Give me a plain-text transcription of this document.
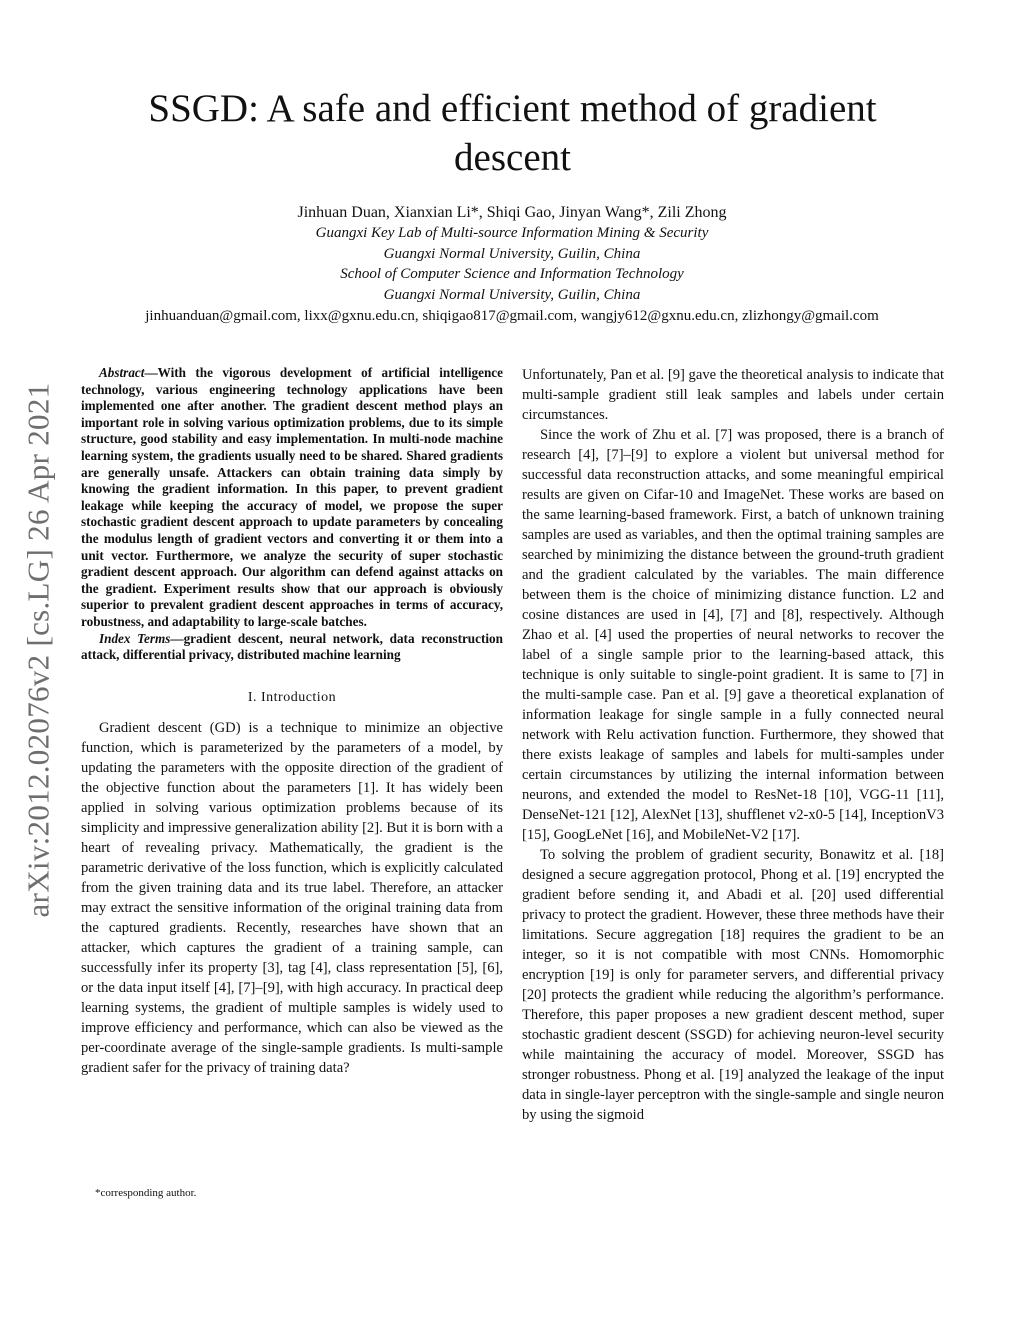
arXiv:2012.02076v2 [cs.LG] 26 Apr 2021
SSGD: A safe and efficient method of gradient descent
Jinhuan Duan, Xianxian Li*, Shiqi Gao, Jinyan Wang*, Zili Zhong
Guangxi Key Lab of Multi-source Information Mining & Security
Guangxi Normal University, Guilin, China
School of Computer Science and Information Technology
Guangxi Normal University, Guilin, China
jinhuanduan@gmail.com, lixx@gxnu.edu.cn, shiqigao817@gmail.com, wangjy612@gxnu.edu.cn, zlizhongy@gmail.com

Abstract—With the vigorous development of artificial intelligence technology, various engineering technology applications have been implemented one after another. The gradient descent method plays an important role in solving various optimization problems, due to its simple structure, good stability and easy implementation. In multi-node machine learning system, the gradients usually need to be shared. Shared gradients are generally unsafe. Attackers can obtain training data simply by knowing the gradient information. In this paper, to prevent gradient leakage while keeping the accuracy of model, we propose the super stochastic gradient descent approach to update parameters by concealing the modulus length of gradient vectors and converting it or them into a unit vector. Furthermore, we analyze the security of super stochastic gradient descent approach. Our algorithm can defend against attacks on the gradient. Experiment results show that our approach is obviously superior to prevalent gradient descent approaches in terms of accuracy, robustness, and adaptability to large-scale batches.

Index Terms—gradient descent, neural network, data reconstruction attack, differential privacy, distributed machine learning

I. Introduction

Gradient descent (GD) is a technique to minimize an objective function, which is parameterized by the parameters of a model, by updating the parameters with the opposite direction of the gradient of the objective function about the parameters [1]. It has widely been applied in solving various optimization problems because of its simplicity and impressive generalization ability [2]. But it is born with a heart of revealing privacy. Mathematically, the gradient is the parametric derivative of the loss function, which is explicitly calculated from the given training data and its true label. Therefore, an attacker may extract the sensitive information of the original training data from the captured gradients. Recently, researches have shown that an attacker, which captures the gradient of a training sample, can successfully infer its property [3], tag [4], class representation [5], [6], or the data input itself [4], [7]–[9], with high accuracy. In practical deep learning systems, the gradient of multiple samples is widely used to improve efficiency and performance, which can also be viewed as the per-coordinate average of the single-sample gradients. Is multi-sample gradient safer for the privacy of training data?

Unfortunately, Pan et al. [9] gave the theoretical analysis to indicate that multi-sample gradient still leak samples and labels under certain circumstances.

Since the work of Zhu et al. [7] was proposed, there is a branch of research [4], [7]–[9] to explore a violent but universal method for successful data reconstruction attacks, and some meaningful empirical results are given on Cifar-10 and ImageNet. These works are based on the same learning-based framework. First, a batch of unknown training samples are used as variables, and then the optimal training samples are searched by minimizing the distance between the ground-truth gradient and the gradient calculated by the variables. The main difference between them is the choice of minimizing distance function. L2 and cosine distances are used in [4], [7] and [8], respectively. Although Zhao et al. [4] used the properties of neural networks to recover the label of a single sample prior to the learning-based attack, this technique is only suitable to single-point gradient. It is same to [7] in the multi-sample case. Pan et al. [9] gave a theoretical explanation of information leakage for single sample in a fully connected neural network with Relu activation function. Furthermore, they showed that there exists leakage of samples and labels for multi-samples under certain circumstances by utilizing the internal information between neurons, and extended the model to ResNet-18 [10], VGG-11 [11], DenseNet-121 [12], AlexNet [13], shufflenet v2-x0-5 [14], InceptionV3 [15], GoogLeNet [16], and MobileNet-V2 [17].

To solving the problem of gradient security, Bonawitz et al. [18] designed a secure aggregation protocol, Phong et al. [19] encrypted the gradient before sending it, and Abadi et al. [20] used differential privacy to protect the gradient. However, these three methods have their limitations. Secure aggregation [18] requires the gradient to be an integer, so it is not compatible with most CNNs. Homomorphic encryption [19] is only for parameter servers, and differential privacy [20] protects the gradient while reducing the algorithm’s performance. Therefore, this paper proposes a new gradient descent method, super stochastic gradient descent (SSGD) for achieving neuron-level security while maintaining the accuracy of model. Moreover, SSGD has stronger robustness. Phong et al. [19] analyzed the leakage of the input data in single-layer perceptron with the single-sample and single neuron by using the sigmoid

*corresponding author.
